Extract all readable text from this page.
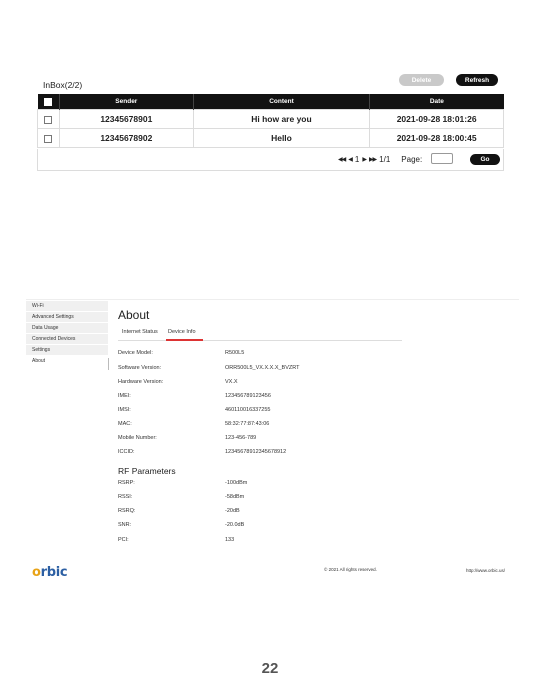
InBox(2/2)	Delete	Refresh
	Sender	Content	Date
	12345678901	Hi how are you	2021-09-28 18:01:26
	12345678902	Hello	2021-09-28 18:00:45
◀◀ ◀ 1 ▶ ▶▶ 1/1 Page:	Go
Wi-Fi
Advanced Settings
Data Usage
Connected Devices
Settings
About
About
Internet Status Device Info
Device Model:	R500L5
Software Version:	ORR500L5_VX.X.X.X_BVZRT
Hardware Version:	VX.X
IMEI:	123456789123456
IMSI:	460110016337255
MAC:	58:32:77:87:43:06
Mobile Number:	123-456-789
ICCID:	12345678912345678912
RF Parameters
RSRP:	-100dBm
RSSI:	-58dBm
RSRQ:	-20dB
SNR:	-20.0dB
PCI:	133
orbic	© 2021 All rights reserved.	http://www.orbic.us/
22
